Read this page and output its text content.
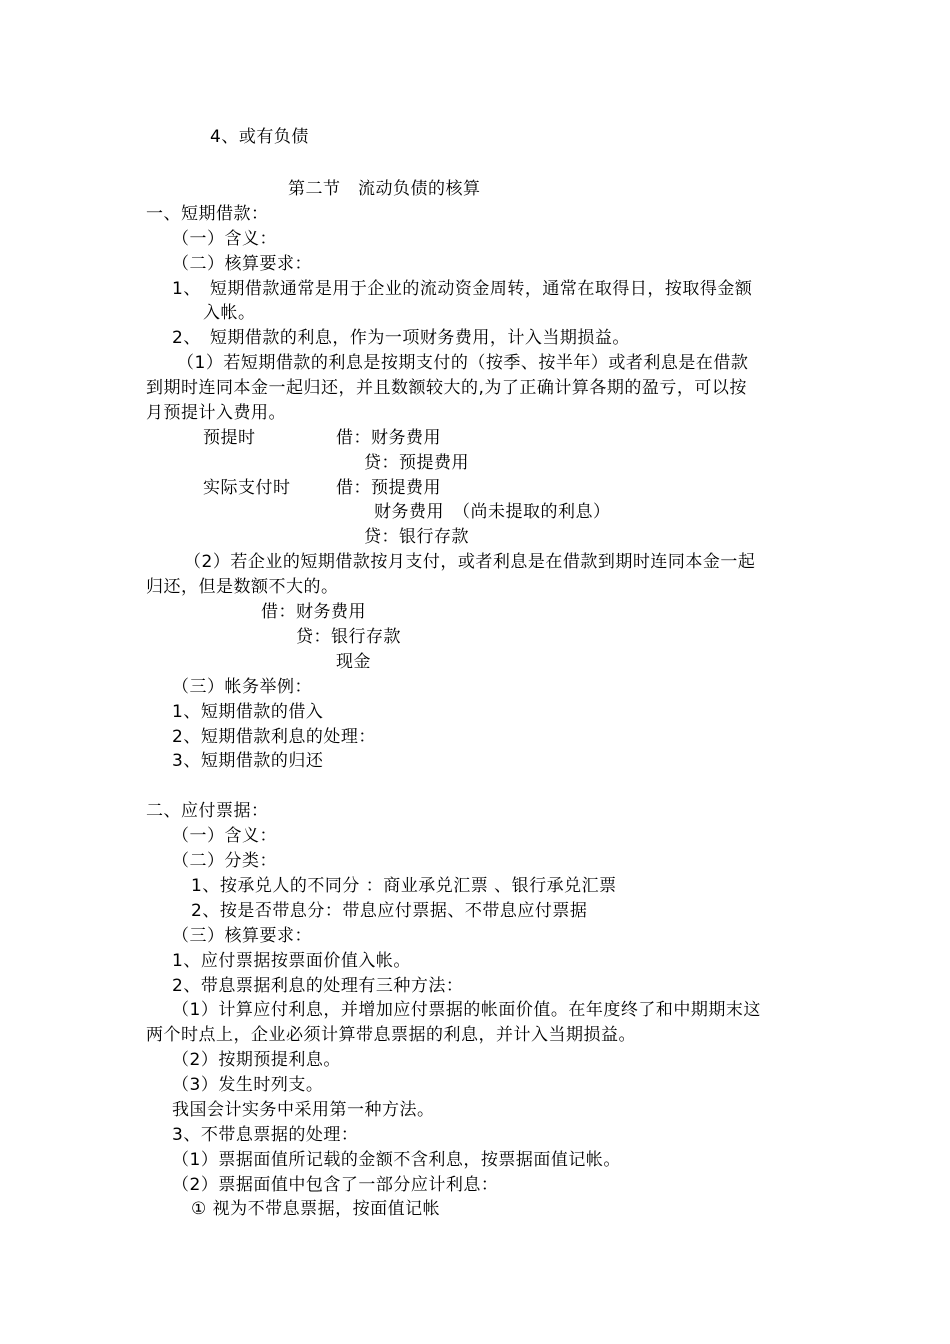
4、或有负债
第二节　流动负债的核算
一、短期借款：
（一）含义：
（二）核算要求：
1、　短期借款通常是用于企业的流动资金周转，通常在取得日，按取得金额
入帐。
2、　短期借款的利息，作为一项财务费用，计入当期损益。
（1）若短期借款的利息是按期支付的（按季、按半年）或者利息是在借款
到期时连同本金一起归还，并且数额较大的,为了正确计算各期的盈亏，可以按
月预提计入费用。
预提时	借：财务费用
贷：预提费用
实际支付时	借：预提费用
财务费用　（尚未提取的利息）
贷：银行存款
（2）若企业的短期借款按月支付，或者利息是在借款到期时连同本金一起
归还，但是数额不大的。
借：财务费用
贷：银行存款
现金
（三）帐务举例：
1、短期借款的借入
2、短期借款利息的处理：
3、短期借款的归还
二、应付票据：
（一）含义：
（二）分类：
1、按承兑人的不同分 ：商业承兑汇票 、银行承兑汇票
2、按是否带息分：带息应付票据、不带息应付票据
（三）核算要求：
1、应付票据按票面价值入帐。
2、带息票据利息的处理有三种方法：
（1）计算应付利息，并增加应付票据的帐面价值。在年度终了和中期期末这
两个时点上，企业必须计算带息票据的利息，并计入当期损益。
（2）按期预提利息。
（3）发生时列支。
我国会计实务中采用第一种方法。
3、不带息票据的处理：
（1）票据面值所记载的金额不含利息，按票据面值记帐。
（2）票据面值中包含了一部分应计利息：
① 视为不带息票据，按面值记帐
